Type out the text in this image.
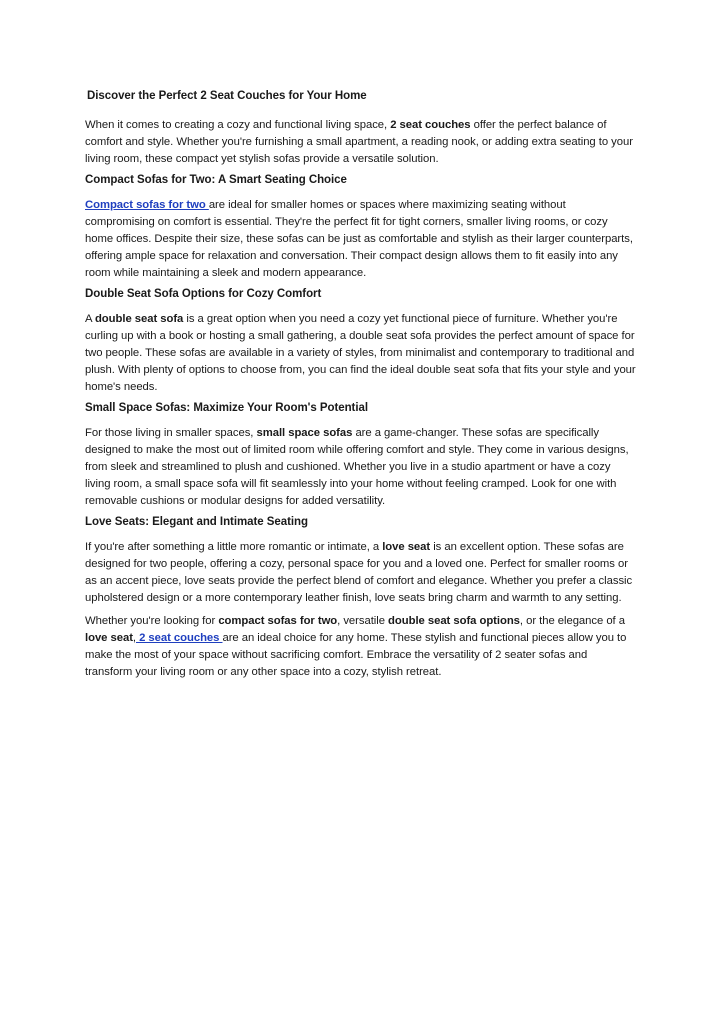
Discover the Perfect 2 Seat Couches for Your Home

When it comes to creating a cozy and functional living space, 2 seat couches offer the perfect balance of comfort and style. Whether you're furnishing a small apartment, a reading nook, or adding extra seating to your living room, these compact yet stylish sofas provide a versatile solution.

Compact Sofas for Two: A Smart Seating Choice

Compact sofas for two are ideal for smaller homes or spaces where maximizing seating without compromising on comfort is essential. They're the perfect fit for tight corners, smaller living rooms, or cozy home offices. Despite their size, these sofas can be just as comfortable and stylish as their larger counterparts, offering ample space for relaxation and conversation. Their compact design allows them to fit easily into any room while maintaining a sleek and modern appearance.

Double Seat Sofa Options for Cozy Comfort

A double seat sofa is a great option when you need a cozy yet functional piece of furniture. Whether you're curling up with a book or hosting a small gathering, a double seat sofa provides the perfect amount of space for two people. These sofas are available in a variety of styles, from minimalist and contemporary to traditional and plush. With plenty of options to choose from, you can find the ideal double seat sofa that fits your style and your home's needs.

Small Space Sofas: Maximize Your Room's Potential

For those living in smaller spaces, small space sofas are a game-changer. These sofas are specifically designed to make the most out of limited room while offering comfort and style. They come in various designs, from sleek and streamlined to plush and cushioned. Whether you live in a studio apartment or have a cozy living room, a small space sofa will fit seamlessly into your home without feeling cramped. Look for one with removable cushions or modular designs for added versatility.

Love Seats: Elegant and Intimate Seating

If you're after something a little more romantic or intimate, a love seat is an excellent option. These sofas are designed for two people, offering a cozy, personal space for you and a loved one. Perfect for smaller rooms or as an accent piece, love seats provide the perfect blend of comfort and elegance. Whether you prefer a classic upholstered design or a more contemporary leather finish, love seats bring charm and warmth to any setting.

Whether you're looking for compact sofas for two, versatile double seat sofa options, or the elegance of a love seat, 2 seat couches are an ideal choice for any home. These stylish and functional pieces allow you to make the most of your space without sacrificing comfort. Embrace the versatility of 2 seater sofas and transform your living room or any other space into a cozy, stylish retreat.
